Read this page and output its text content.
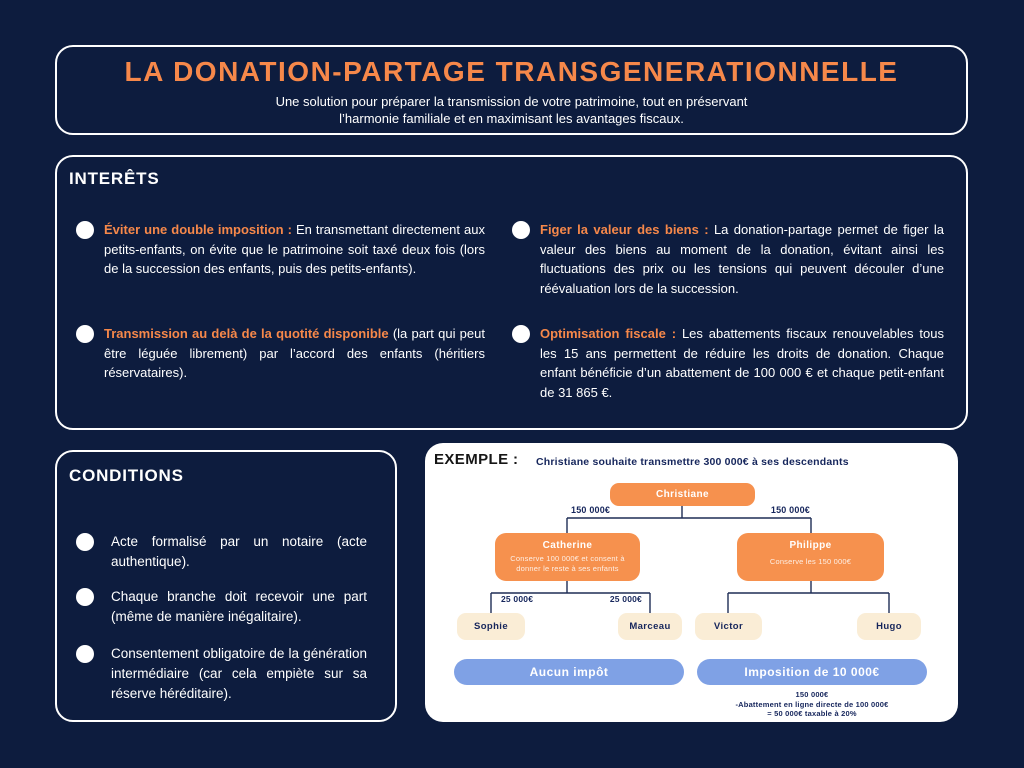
LA DONATION-PARTAGE TRANSGENERATIONNELLE

Une solution pour préparer la transmission de votre patrimoine, tout en préservant
l’harmonie familiale et en maximisant les avantages fiscaux.

INTERÊTS

Éviter une double imposition : En transmettant directement aux petits-enfants, on évite que le patrimoine soit taxé deux fois (lors de la succession des enfants, puis des petits-enfants).

Transmission au delà de la quotité disponible (la part qui peut être léguée librement) par l’accord des enfants (héritiers réservataires).

Figer la valeur des biens : La donation-partage permet de figer la valeur des biens au moment de la donation, évitant ainsi les fluctuations des prix ou les tensions qui peuvent découler d’une réévaluation lors de la succession.

Optimisation fiscale : Les abattements fiscaux renouvelables tous les 15 ans permettent de réduire les droits de donation. Chaque enfant bénéficie d’un abattement de 100 000 € et chaque petit-enfant de 31 865 €.

CONDITIONS

Acte formalisé par un notaire (acte authentique).

Chaque branche doit recevoir une part (même de manière inégalitaire).

Consentement obligatoire de la génération intermédiaire (car cela empiète sur sa réserve héréditaire).

EXEMPLE : Christiane souhaite transmettre 300 000€ à ses descendants
Christiane
150 000€	150 000€
Catherine
Conserve 100 000€ et consent à donner le reste à ses enfants
Philippe
Conserve les 150 000€
25 000€	25 000€
Sophie	Marceau	Victor	Hugo
Aucun impôt	Imposition de 10 000€
150 000€
-Abattement en ligne directe de 100 000€
= 50 000€ taxable à 20%
